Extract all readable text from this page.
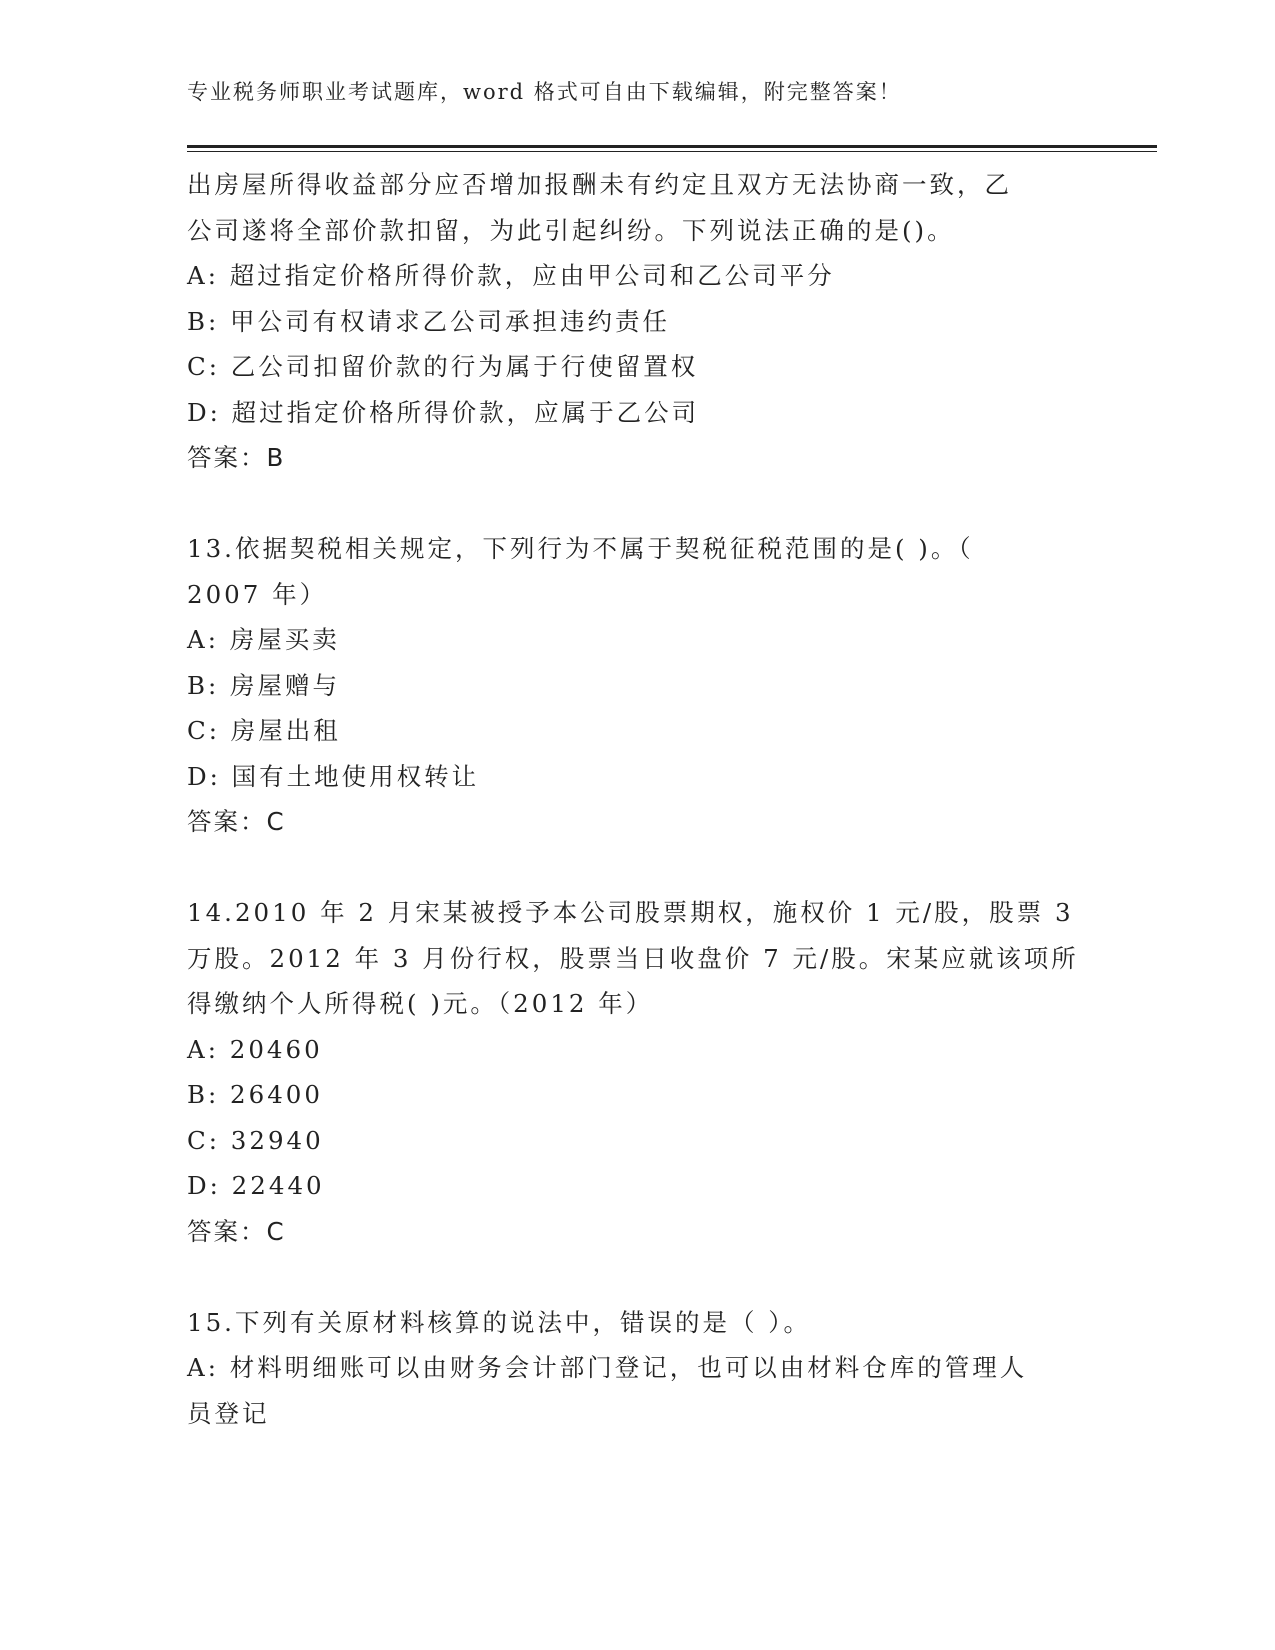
专业税务师职业考试题库，word 格式可自由下载编辑，附完整答案！

出房屋所得收益部分应否增加报酬未有约定且双方无法协商一致，乙

公司遂将全部价款扣留，为此引起纠纷。下列说法正确的是()。

A: 超过指定价格所得价款，应由甲公司和乙公司平分

B: 甲公司有权请求乙公司承担违约责任

C: 乙公司扣留价款的行为属于行使留置权

D: 超过指定价格所得价款，应属于乙公司

答案：B

13.依据契税相关规定，下列行为不属于契税征税范围的是( )。（

2007 年）

A: 房屋买卖

B: 房屋赠与

C: 房屋出租

D: 国有土地使用权转让

答案：C

14.2010 年 2 月宋某被授予本公司股票期权，施权价 1 元/股，股票 3

万股。2012 年 3 月份行权，股票当日收盘价 7 元/股。宋某应就该项所

得缴纳个人所得税( )元。（2012 年）

A: 20460

B: 26400

C: 32940

D: 22440

答案：C

15.下列有关原材料核算的说法中，错误的是（ ）。

A: 材料明细账可以由财务会计部门登记，也可以由材料仓库的管理人

员登记
